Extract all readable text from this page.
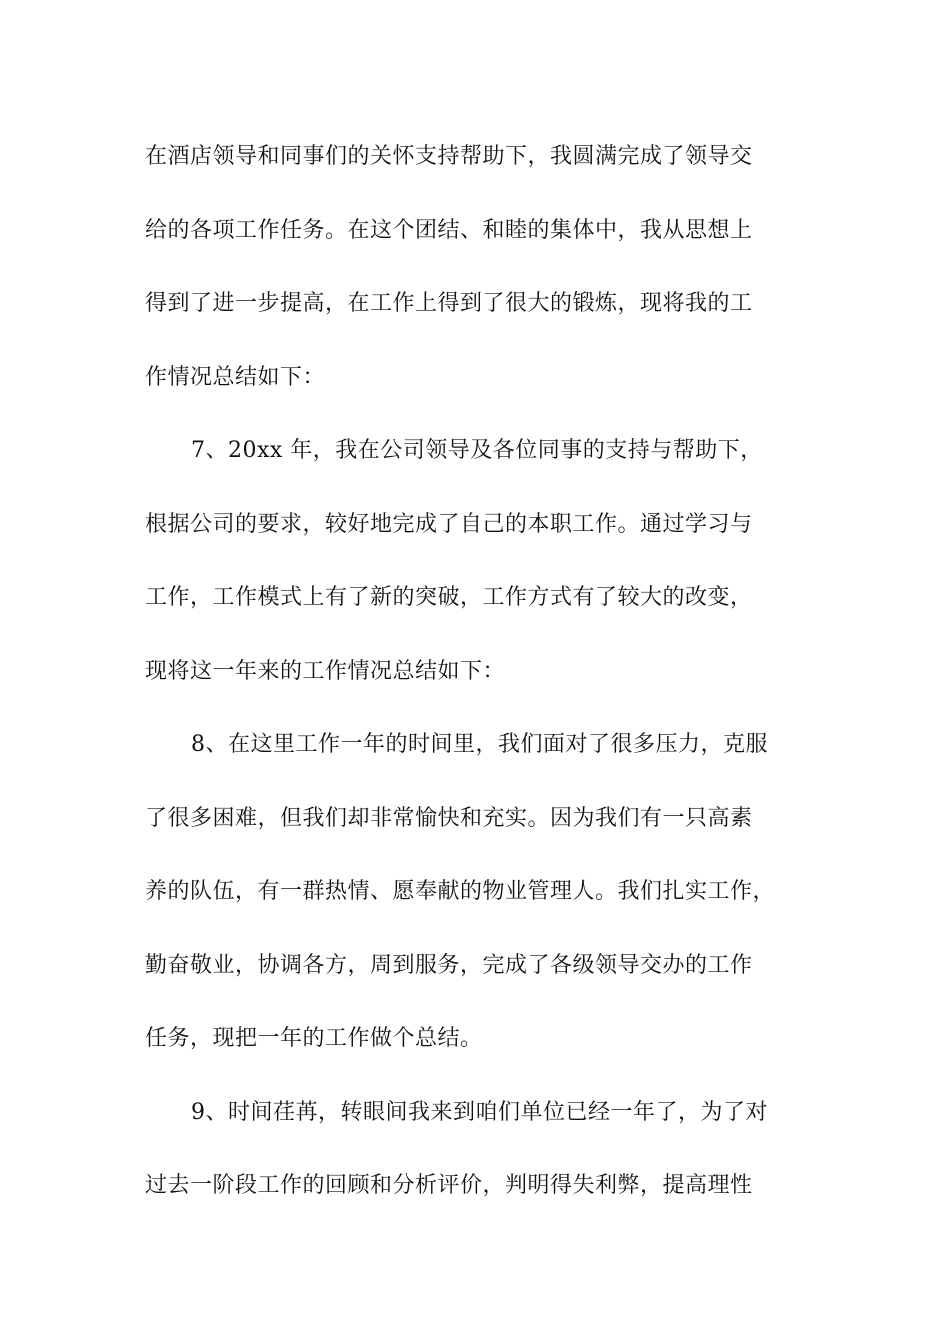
在酒店领导和同事们的关怀支持帮助下，我圆满完成了领导交
给的各项工作任务。在这个团结、和睦的集体中，我从思想上
得到了进一步提高，在工作上得到了很大的锻炼，现将我的工
作情况总结如下：
7、20xx 年，我在公司领导及各位同事的支持与帮助下，
根据公司的要求，较好地完成了自己的本职工作。通过学习与
工作，工作模式上有了新的突破，工作方式有了较大的改变，
现将这一年来的工作情况总结如下：
8、在这里工作一年的时间里，我们面对了很多压力，克服
了很多困难，但我们却非常愉快和充实。因为我们有一只高素
养的队伍，有一群热情、愿奉献的物业管理人。我们扎实工作，
勤奋敬业，协调各方，周到服务，完成了各级领导交办的工作
任务，现把一年的工作做个总结。
9、时间荏苒，转眼间我来到咱们单位已经一年了，为了对
过去一阶段工作的回顾和分析评价，判明得失利弊，提高理性
